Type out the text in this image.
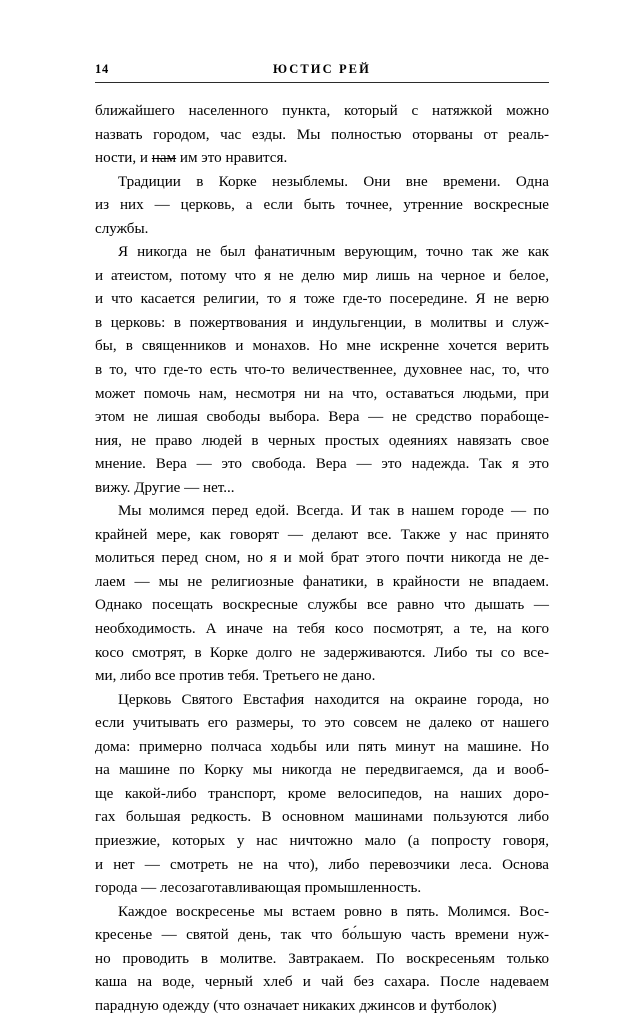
14	ЮСТИС РЕЙ

ближайшего населенного пункта, который с натяжкой можно
назвать городом, час езды. Мы полностью оторваны от реаль-
ности, и нам им это нравится.

Традиции в Корке незыблемы. Они вне времени. Одна
из них — церковь, а если быть точнее, утренние воскресные
службы.

Я никогда не был фанатичным верующим, точно так же как
и атеистом, потому что я не делю мир лишь на черное и белое,
и что касается религии, то я тоже где-то посередине. Я не верю
в церковь: в пожертвования и индульгенции, в молитвы и служ-
бы, в священников и монахов. Но мне искренне хочется верить
в то, что где-то есть что-то величественнее, духовнее нас, то, что
может помочь нам, несмотря ни на что, оставаться людьми, при
этом не лишая свободы выбора. Вера — не средство порабоще-
ния, не право людей в черных простых одеяниях навязать свое
мнение. Вера — это свобода. Вера — это надежда. Так я это
вижу. Другие — нет...

Мы молимся перед едой. Всегда. И так в нашем городе — по
крайней мере, как говорят — делают все. Также у нас принято
молиться перед сном, но я и мой брат этого почти никогда не де-
лаем — мы не религиозные фанатики, в крайности не впадаем.
Однако посещать воскресные службы все равно что дышать —
необходимость. А иначе на тебя косо посмотрят, а те, на кого
косо смотрят, в Корке долго не задерживаются. Либо ты со все-
ми, либо все против тебя. Третьего не дано.

Церковь Святого Евстафия находится на окраине города, но
если учитывать его размеры, то это совсем не далеко от нашего
дома: примерно полчаса ходьбы или пять минут на машине. Но
на машине по Корку мы никогда не передвигаемся, да и вооб-
ще какой-либо транспорт, кроме велосипедов, на наших доро-
гах большая редкость. В основном машинами пользуются либо
приезжие, которых у нас ничтожно мало (а попросту говоря,
и нет — смотреть не на что), либо перевозчики леса. Основа
города — лесозаготавливающая промышленность.

Каждое воскресенье мы встаем ровно в пять. Молимся. Вос-
кресенье — святой день, так что бо́льшую часть времени нуж-
но проводить в молитве. Завтракаем. По воскресеньям только
каша на воде, черный хлеб и чай без сахара. После надеваем
парадную одежду (что означает никаких джинсов и футболок)
